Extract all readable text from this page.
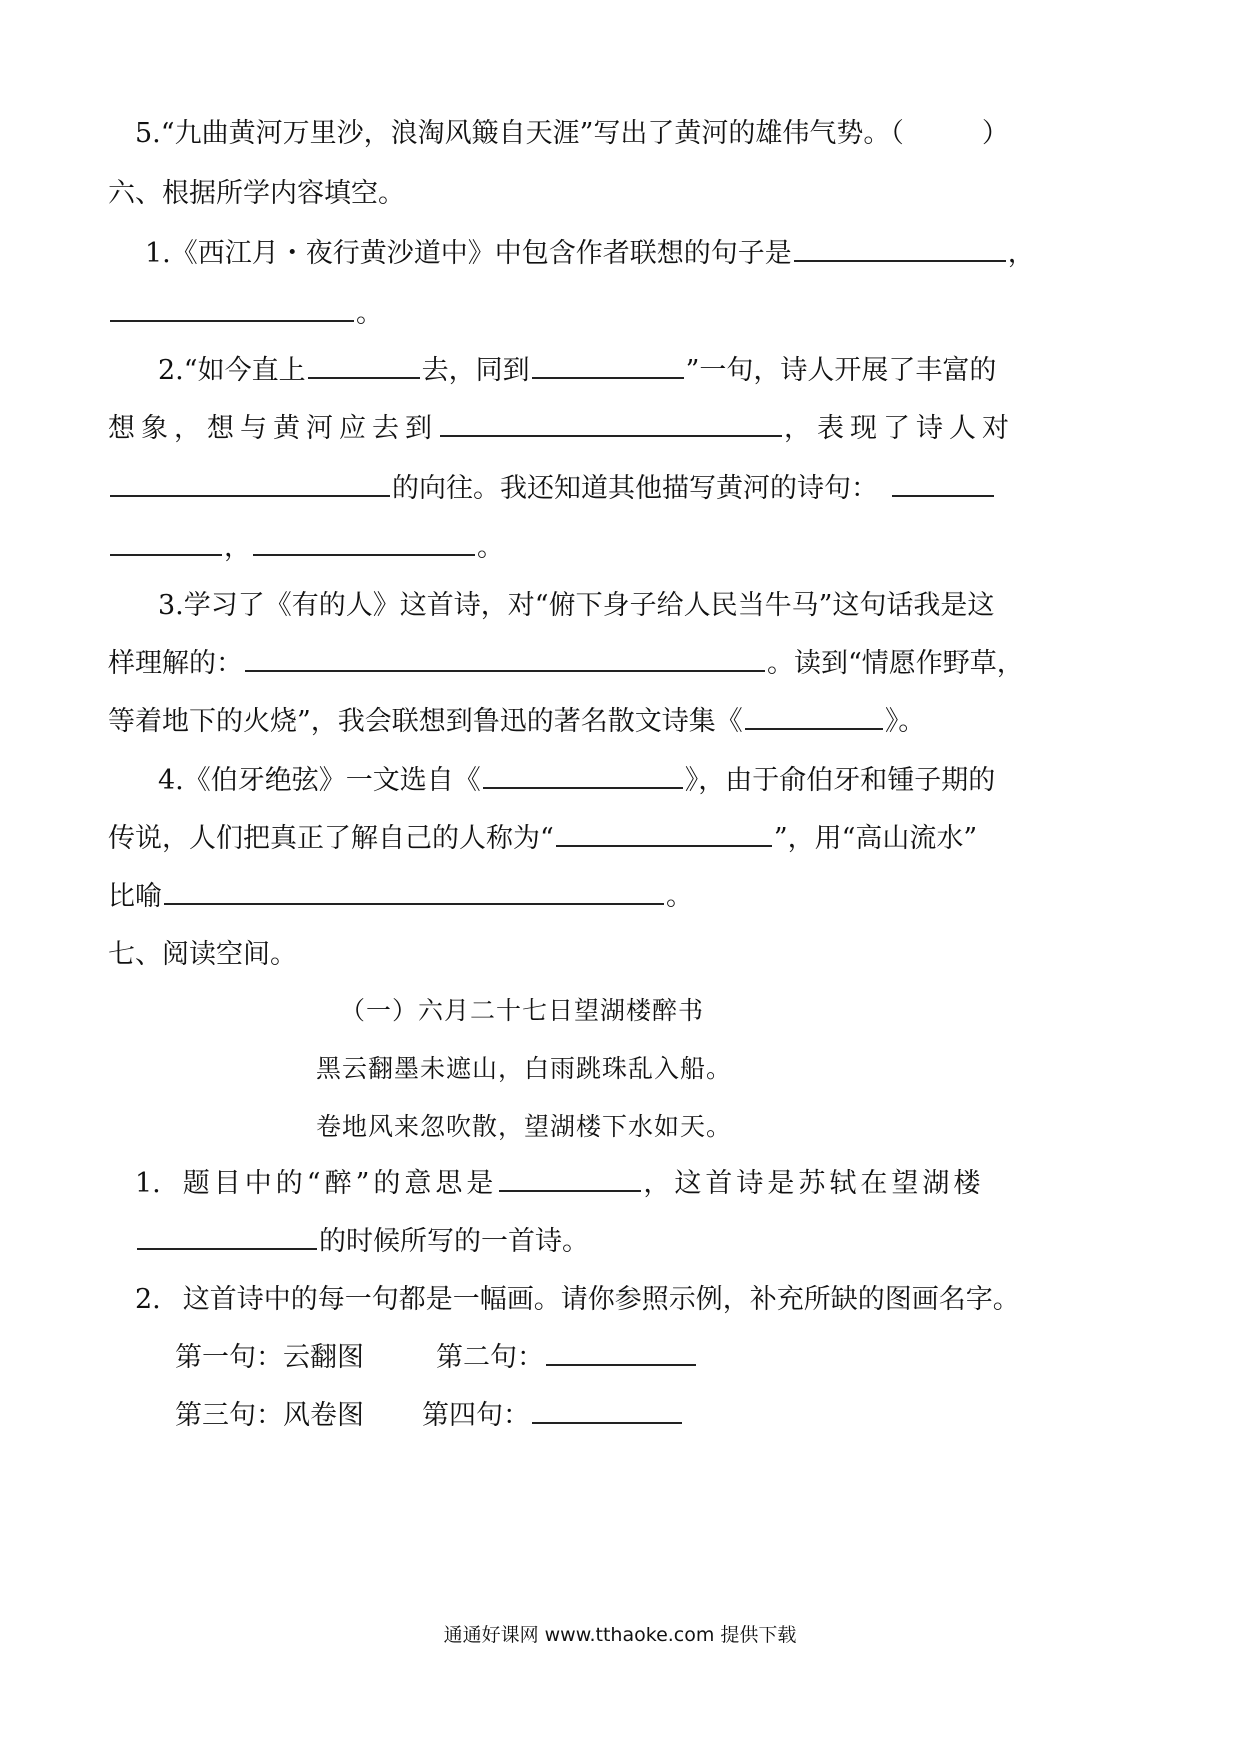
5.“九曲黄河万里沙，浪淘风簸自天涯”写出了黄河的雄伟气势。（	）
六、根据所学内容填空。
1.《西江月・夜行黄沙道中》中包含作者联想的句子是	，
。
2.“如今直上	去，同到	”一句，诗人开展了丰富的
想象，想与黄河应去到	，表现了诗人对
的向往。我还知道其他描写黄河的诗句：
，	。
3.学习了《有的人》这首诗，对“俯下身子给人民当牛马”这句话我是这
样理解的：	。读到“情愿作野草，
等着地下的火烧”，我会联想到鲁迅的著名散文诗集《	》。
4.《伯牙绝弦》一文选自《	》，由于俞伯牙和锺子期的
传说，人们把真正了解自己的人称为“	”，用“高山流水”
比喻	。
七、阅读空间。
（一）六月二十七日望湖楼醉书
黑云翻墨未遮山，白雨跳珠乱入船。
卷地风来忽吹散，望湖楼下水如天。
1. 题目中的“醉”的意思是	，这首诗是苏轼在望湖楼
的时候所写的一首诗。
2. 这首诗中的每一句都是一幅画。请你参照示例，补充所缺的图画名字。
第一句：云翻图	第二句：
第三句：风卷图 第四句：
通通好课网 www.tthaoke.com 提供下载
